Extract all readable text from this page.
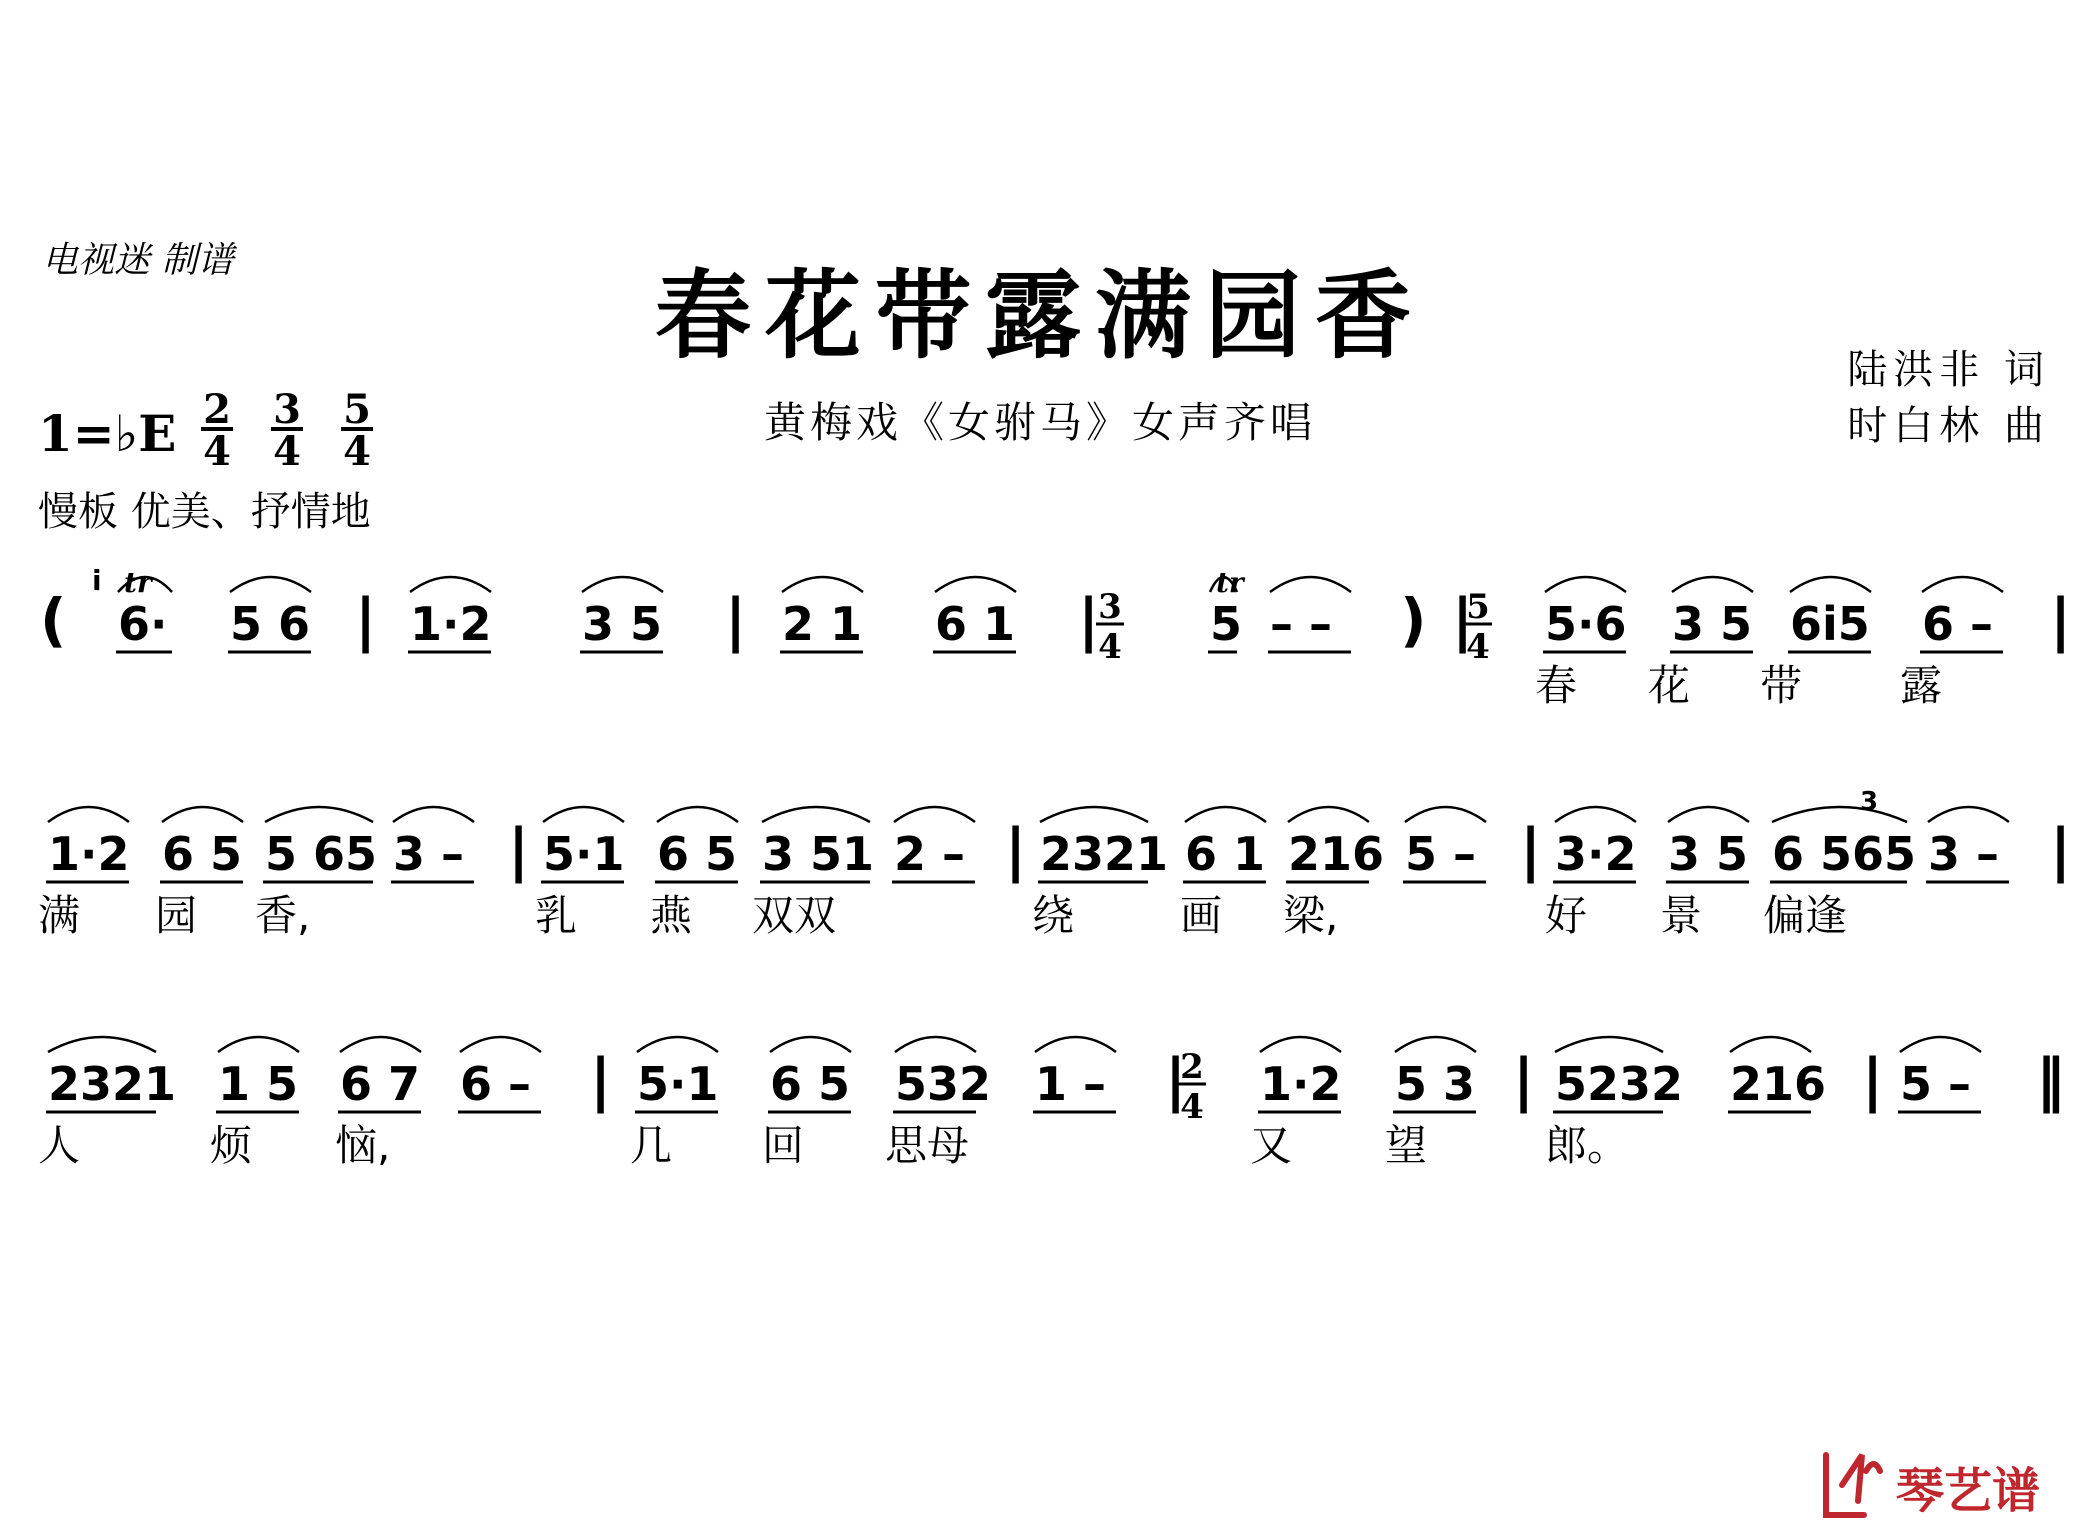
电视迷 制谱	春花带露满园香
黄梅戏《女驸马》女声齐唱
陆洪非 词
时白林 曲
1=♭E 2
4
3
4
5
4
慢板 优美、抒情地
( 6·
tr
i
5 6 | 1·2 3 5 | 2 1 6 1 | 5
tr
– – ) | 5·6 3 5 6i5 6 – |
春 花 带 露
1·2 6 5 5 65 3 – | 5·1 6 5 3 51 2 – | 2321 6 1 216 5 – | 3·2 3 5 6 565 3 – |
满 园 香,	乳 燕 双双	绕	画 梁,	好 景 偏逢
3
2321 1 5 6 7 6 – | 5·1 6 5 532 1 – | 1·2 5 3 | 5232 216 | 5 – ‖
人	烦 恼,	几 回 思母	又 望	郎。
3
4
5
4
2
4
琴艺谱
